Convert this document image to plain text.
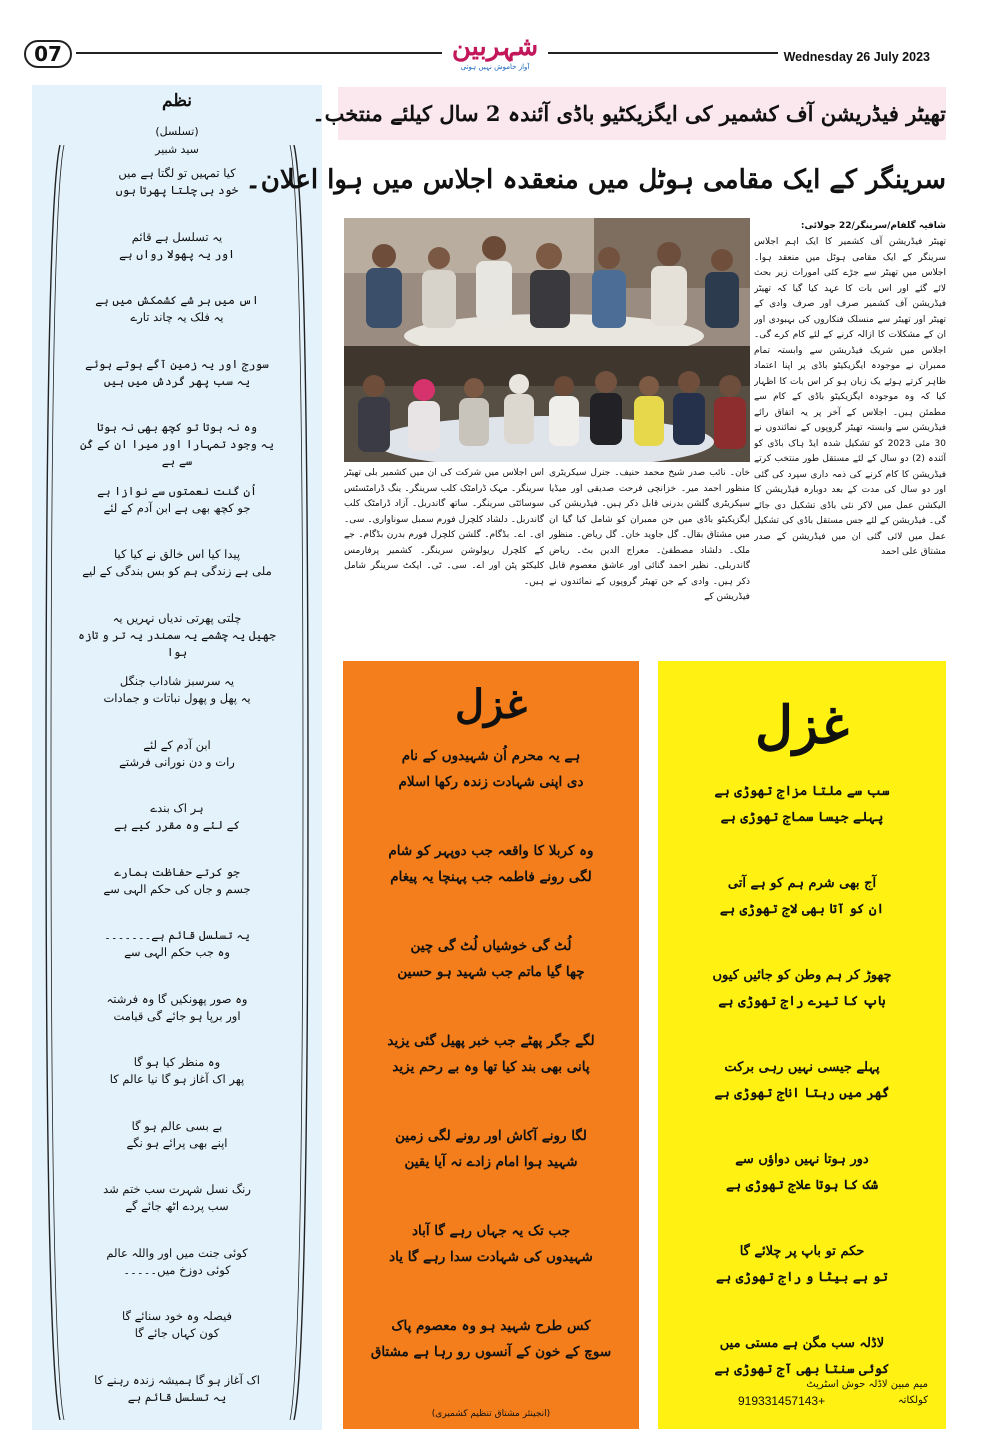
07	شہربین
آواز خاموش نہیں ہوتی
Wednesday 26 July 2023
نظم
(تسلسل)
سید شبیر
کیا تمہیں تو لگتا ہے میں
خود ہی چلتا پھرتا ہوں
یہ تسلسل ہے قائم
اور یہ پھولا رواں ہے
اس میں ہر شے کشمکش میں ہے
یہ فلک یہ چاند تارے
سورج اور یہ زمین آگے ہوتے ہوئے
یہ سب پھر گردش میں ہیں
وہ نہ ہوتا تو کچھ بھی نہ ہوتا
یہ وجود تمہارا اور میرا ان کے کُن سے ہے
اُن گنت نعمتوں سے نوازا ہے
جو کچھ بھی ہے ابن آدم کے لئے
پیدا کیا اس خالق نے کیا کیا
ملی ہے زندگی ہم کو بس بندگی کے لیے
چلتی پھرتی ندیاں نہریں یہ
جھیل یہ چشمے یہ سمندر یہ تر و تازہ ہوا
یہ سرسبز شاداب جنگل
یہ پھل و پھول نباتات و جمادات
ابن آدم کے لئے
رات و دن نورانی فرشتے
ہر اک بندے
کے لئے وہ مقرر کیے ہے
جو کرتے حفاظت ہمارے
جسم و جاں کی حکم الہی سے
یہ تسلسل قائم ہے۔۔۔۔۔۔۔
وہ جب حکم الہی سے
وہ صور پھونکیں گا وہ فرشتہ
اور برپا ہو جائے گی قیامت
وہ منظر کیا ہو گا
پھر اک آغاز ہو گا نیا عالم کا
بے بسی عالم ہو گا
اپنے بھی پرائے ہو نگے
رنگ نسل شہرت سب ختم شد
سب پردے اٹھ جائے گے
کوئی جنت میں اور واللہ عالم
کوئی دوزخ میں۔۔۔۔۔
فیصلہ وہ خود سنائے گا
کون کہاں جائے گا
اک آغاز ہو گا ہمیشہ زندہ رہنے کا
یہ تسلسل قائم ہے
تھیٹر فیڈریشن آف کشمیر کی ایگزیکٹیو باڈی آئندہ 2 سال کیلئے منتخب۔
سرینگر کے ایک مقامی ہوٹل میں منعقدہ اجلاس میں ہوا اعلان۔
شافیہ گلفام/سرینگر/22 جولائی:
تھیٹر فیڈریشن آف کشمیر کا ایک اہم اجلاس سرینگر کے ایک مقامی ہوٹل میں منعقد ہوا۔ اجلاس میں تھیٹر سے جڑے کئی امورات زیر بحث لائے گئے اور اس بات کا عہد کیا گیا کہ تھیٹر فیڈریشن آف کشمیر صرف اور صرف وادی کے تھیٹر اور تھیٹر سے منسلک فنکاروں کی بہبودی اور ان کے مشکلات کا ازالہ کرنے کے لئے کام کرے گی۔ اجلاس میں شریک فیڈریشن سے وابستہ تمام ممبران نے موجودہ ایگزیکیٹو باڈی پر اپنا اعتماد ظاہر کرتے ہوئے یک زبان ہو کر اس بات کا اظہار کیا کہ وہ موجودہ ایگزیکیٹو باڈی کے کام سے مطمئن ہیں۔ اجلاس کے آخر پر یہ اتفاق رائے فیڈریشن سے وابستہ تھیٹر گروپوں کے نمائندوں نے 30 مئی 2023 کو تشکیل شدہ ایڈ ہاک باڈی کو آئندہ (2) دو سال کے لئے مستقل طور منتخب کرتے فیڈریشن کا کام کرنے کی ذمہ داری سپرد کی گئی اور دو سال کی مدت کے بعد دوبارہ فیڈریشن کا الیکشن عمل میں لاکر نئی باڈی تشکیل دی جائے گی۔ فیڈریشن کے لئے جس مستقل باڈی کی تشکیل عمل میں لائی گئی ان میں فیڈریشن کے صدر مشتاق علی احمد
خان۔ نائب صدر شیخ محمد حنیف۔ جنرل سیکریٹری منظور احمد میر۔ خزانچی فرحت صدیقی اور میڈیا سیکریٹری گلشن بدرنی قابل ذکر ہیں۔ فیڈریشن کی ایگزیکیٹو باڈی میں جن ممبران کو شامل کیا گیا ان میں مشتاق بقال۔ گل جاوید خان۔ گل ریاض۔ منظور ملک۔ دلشاد مصطفیٰ۔ معراج الدین بٹ۔ ریاض گاندربلی۔ نظیر احمد گنائی اور عاشق معصوم قابل ذکر ہیں۔ وادی کے جن تھیٹر گروپوں کے نمائندوں نے فیڈریشن کے
اس اجلاس میں شرکت کی ان میں کشمیر بلی تھیٹر سرینگر۔ مہک ڈرامٹک کلب سرینگر۔ ینگ ڈرامٹسٹس سوسائٹی سرینگر۔ ساتھ گاندربل۔ آزاد ڈرامٹک کلب گاندربل۔ دلشاد کلچرل فورم سمبل سوناواری۔ سی۔ ای۔ اے۔ بڈگام۔ گلشن کلچرل فورم بدرن بڈگام۔ جے کے کلچرل ریولوشن سرینگر۔ کشمیر پرفارمس کلیکٹو پٹن اور اے۔ سی۔ ٹی۔ ایکٹ سرینگر شامل ہیں۔
غزل
ہے یہ محرم اُن شہیدوں کے نام
دی اپنی شہادت زندہ رکھا اسلام
وہ کربلا کا واقعہ جب دوپہر کو شام
لگی رونے فاطمہ جب پہنچا یہ پیغام
لُٹ گی خوشیاں لُٹ گی چین
چھا گیا ماتم جب شہید ہو حسین
لگے جگر پھٹے جب خبر پھیل گئی یزید
پانی بھی بند کیا تھا وہ بے رحم یزید
لگا رونے آکاش اور رونے لگی زمین
شہید ہوا امام زادے نہ آیا یقین
جب تک یہ جہاں رہے گا آباد
شہیدوں کی شہادت سدا رہے گا یاد
کس طرح شہید ہو وہ معصوم پاک
سوچ کے خون کے آنسوں رو رہا ہے مشتاق
(انجینئر مشتاق تنظیم کشمیری)
غزل
سب سے ملتا مزاج تھوڑی ہے
پہلے جیسا سماج تھوڑی ہے
آج بھی شرم ہم کو ہے آتی
ان کو آتا بھی لاج تھوڑی ہے
چھوڑ کر ہم وطن کو جائیں کیوں
باپ کا تیرے راج تھوڑی ہے
پہلے جیسی نہیں رہی برکت
گھر میں رہتا اناج تھوڑی ہے
دور ہوتا نہیں دواؤں سے
شک کا ہوتا علاج تھوڑی ہے
حکم تو باپ پر چلائے گا
تو ہے بیٹا و راج تھوڑی ہے
لاڈلہ سب مگن ہے مستی میں
کوئی سنتا بھی آج تھوڑی ہے
میم مبین لاڈلہ حوش اسٹریٹ
919331457143+	کولکاتہ
